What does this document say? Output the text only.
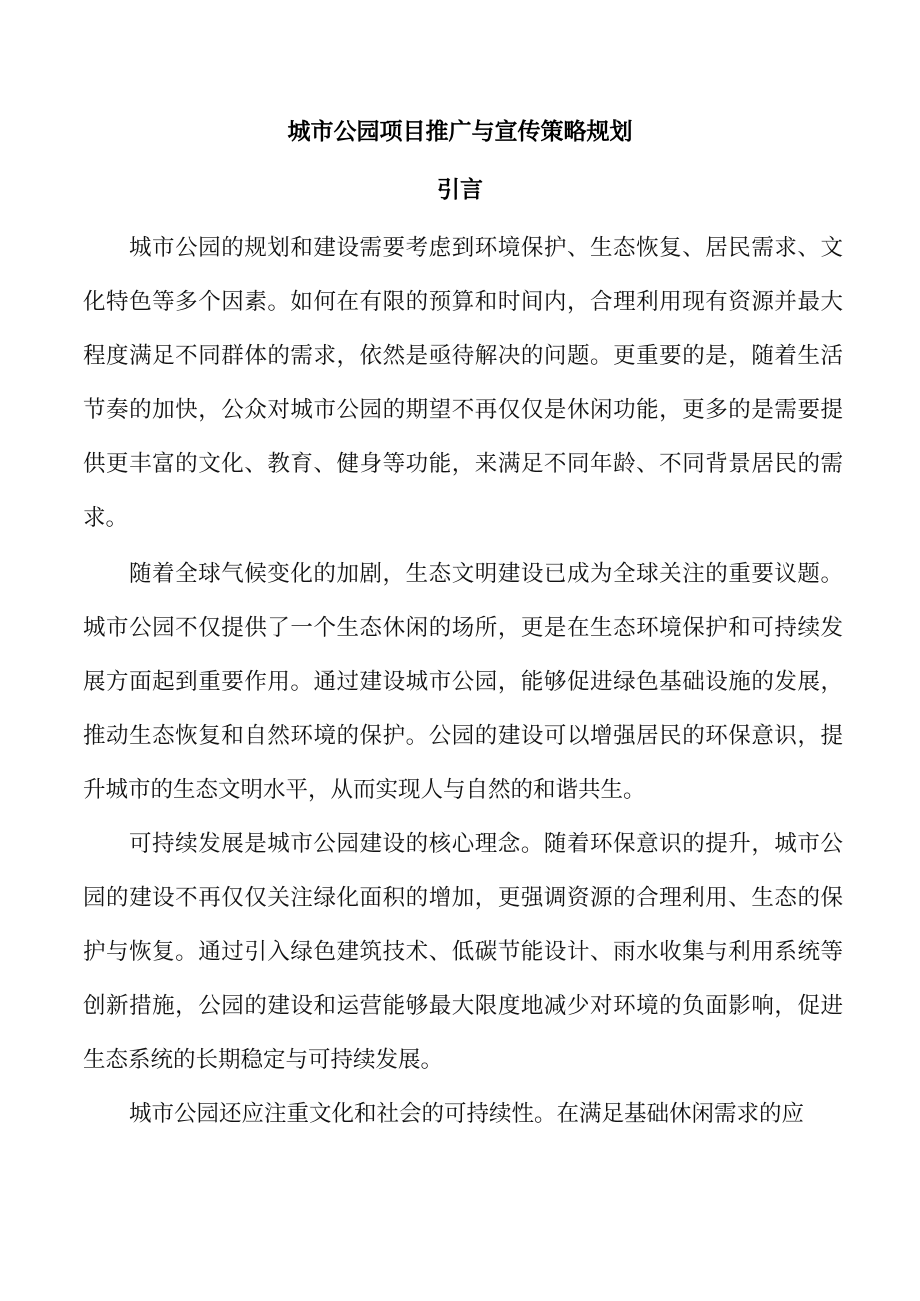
城市公园项目推广与宣传策略规划
引言

城市公园的规划和建设需要考虑到环境保护、生态恢复、居民需求、文化特色等多个因素。如何在有限的预算和时间内，合理利用现有资源并最大程度满足不同群体的需求，依然是亟待解决的问题。更重要的是，随着生活节奏的加快，公众对城市公园的期望不再仅仅是休闲功能，更多的是需要提供更丰富的文化、教育、健身等功能，来满足不同年龄、不同背景居民的需求。

随着全球气候变化的加剧，生态文明建设已成为全球关注的重要议题。城市公园不仅提供了一个生态休闲的场所，更是在生态环境保护和可持续发展方面起到重要作用。通过建设城市公园，能够促进绿色基础设施的发展，推动生态恢复和自然环境的保护。公园的建设可以增强居民的环保意识，提升城市的生态文明水平，从而实现人与自然的和谐共生。

可持续发展是城市公园建设的核心理念。随着环保意识的提升，城市公园的建设不再仅仅关注绿化面积的增加，更强调资源的合理利用、生态的保护与恢复。通过引入绿色建筑技术、低碳节能设计、雨水收集与利用系统等创新措施，公园的建设和运营能够最大限度地减少对环境的负面影响，促进生态系统的长期稳定与可持续发展。

城市公园还应注重文化和社会的可持续性。在满足基础休闲需求的应
